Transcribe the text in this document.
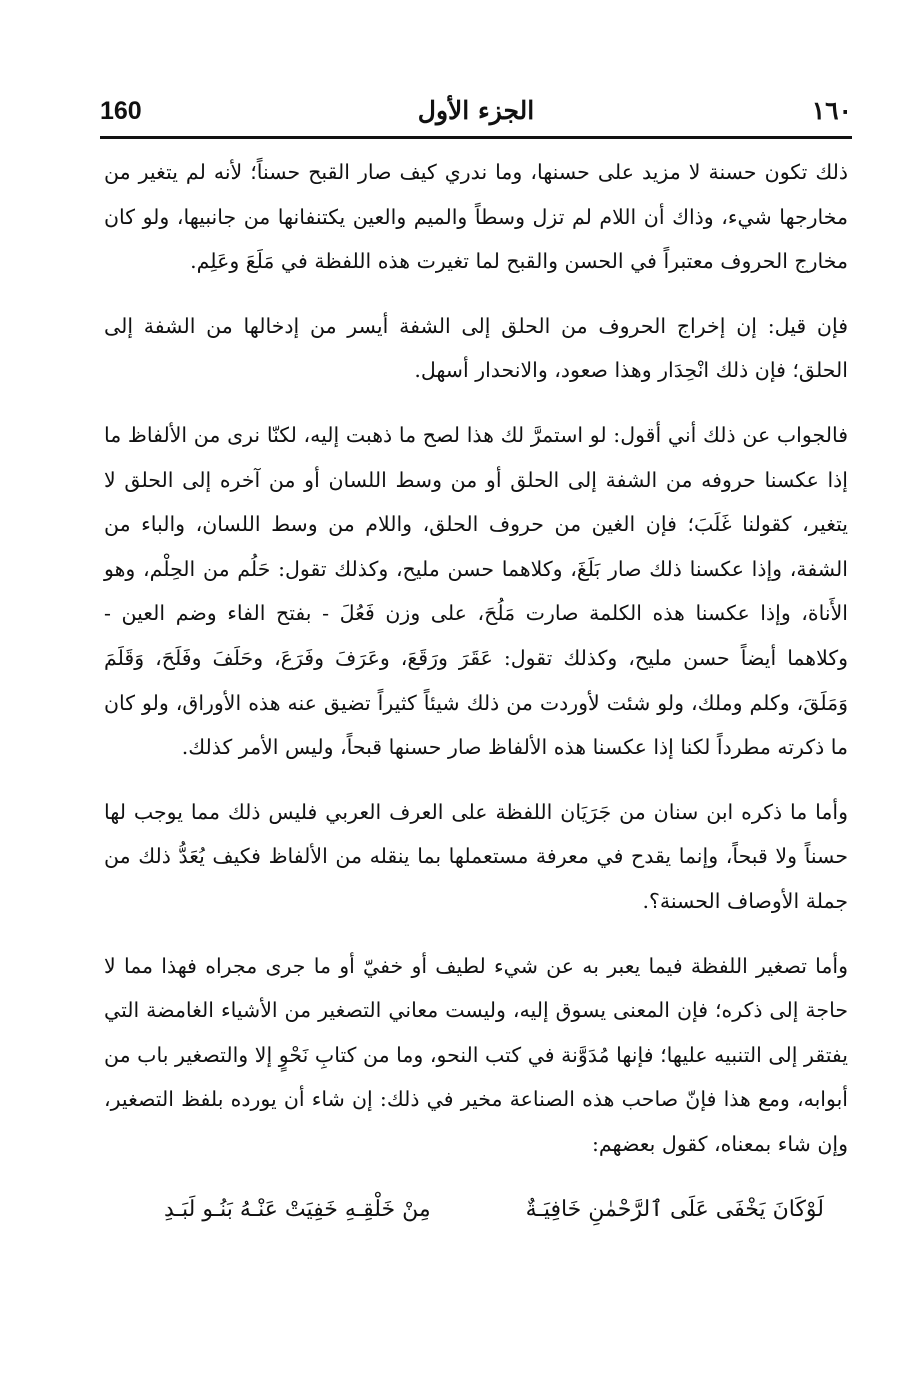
160	الجزء الأول	١٦٠

ذلك تكون حسنة لا مزيد على حسنها، وما ندري كيف صار القبح حسناً؛ لأنه لم يتغير من مخارجها شيء، وذاك أن اللام لم تزل وسطاً والميم والعين يكتنفانها من جانبيها، ولو كان مخارج الحروف معتبراً في الحسن والقبح لما تغيرت هذه اللفظة في مَلَعَ وعَلِم.

فإن قيل: إن إخراج الحروف من الحلق إلى الشفة أيسر من إدخالها من الشفة إلى الحلق؛ فإن ذلك انْحِدَار وهذا صعود، والانحدار أسهل.

فالجواب عن ذلك أني أقول: لو استمرَّ لك هذا لصح ما ذهبت إليه، لكنّا نرى من الألفاظ ما إذا عكسنا حروفه من الشفة إلى الحلق أو من وسط اللسان أو من آخره إلى الحلق لا يتغير، كقولنا غَلَبَ؛ فإن الغين من حروف الحلق، واللام من وسط اللسان، والباء من الشفة، وإذا عكسنا ذلك صار بَلَغَ، وكلاهما حسن مليح، وكذلك تقول: حَلُم من الحِلْم، وهو الأَناة، وإذا عكسنا هذه الكلمة صارت مَلُحَ، على وزن فَعُلَ - بفتح الفاء وضم العين - وكلاهما أيضاً حسن مليح، وكذلك تقول: عَقَرَ ورَقَعَ، وعَرَفَ وفَرَعَ، وحَلَفَ وفَلَحَ، وَقَلَمَ وَمَلَقَ، وكلم وملك، ولو شئت لأوردت من ذلك شيئاً كثيراً تضيق عنه هذه الأوراق، ولو كان ما ذكرته مطرداً لكنا إذا عكسنا هذه الألفاظ صار حسنها قبحاً، وليس الأمر كذلك.

وأما ما ذكره ابن سنان من جَرَيَان اللفظة على العرف العربي فليس ذلك مما يوجب لها حسناً ولا قبحاً، وإنما يقدح في معرفة مستعملها بما ينقله من الألفاظ فكيف يُعَدُّ ذلك من جملة الأوصاف الحسنة؟.

وأما تصغير اللفظة فيما يعبر به عن شيء لطيف أو خفيّ أو ما جرى مجراه فهذا مما لا حاجة إلى ذكره؛ فإن المعنى يسوق إليه، وليست معاني التصغير من الأشياء الغامضة التي يفتقر إلى التنبيه عليها؛ فإنها مُدَوَّنة في كتب النحو، وما من كتابِ نَحْوٍ إلا والتصغير باب من أبوابه، ومع هذا فإنّ صاحب هذه الصناعة مخير في ذلك: إن شاء أن يورده بلفظ التصغير، وإن شاء بمعناه، كقول بعضهم:

لَوْكَانَ يَخْفَى عَلَى ٱلرَّحْمٰنِ خَافِيَـةٌ
مِنْ خَلْقِـهِ خَفِيَتْ عَنْـهُ بَنُـو لَبَـدِ
